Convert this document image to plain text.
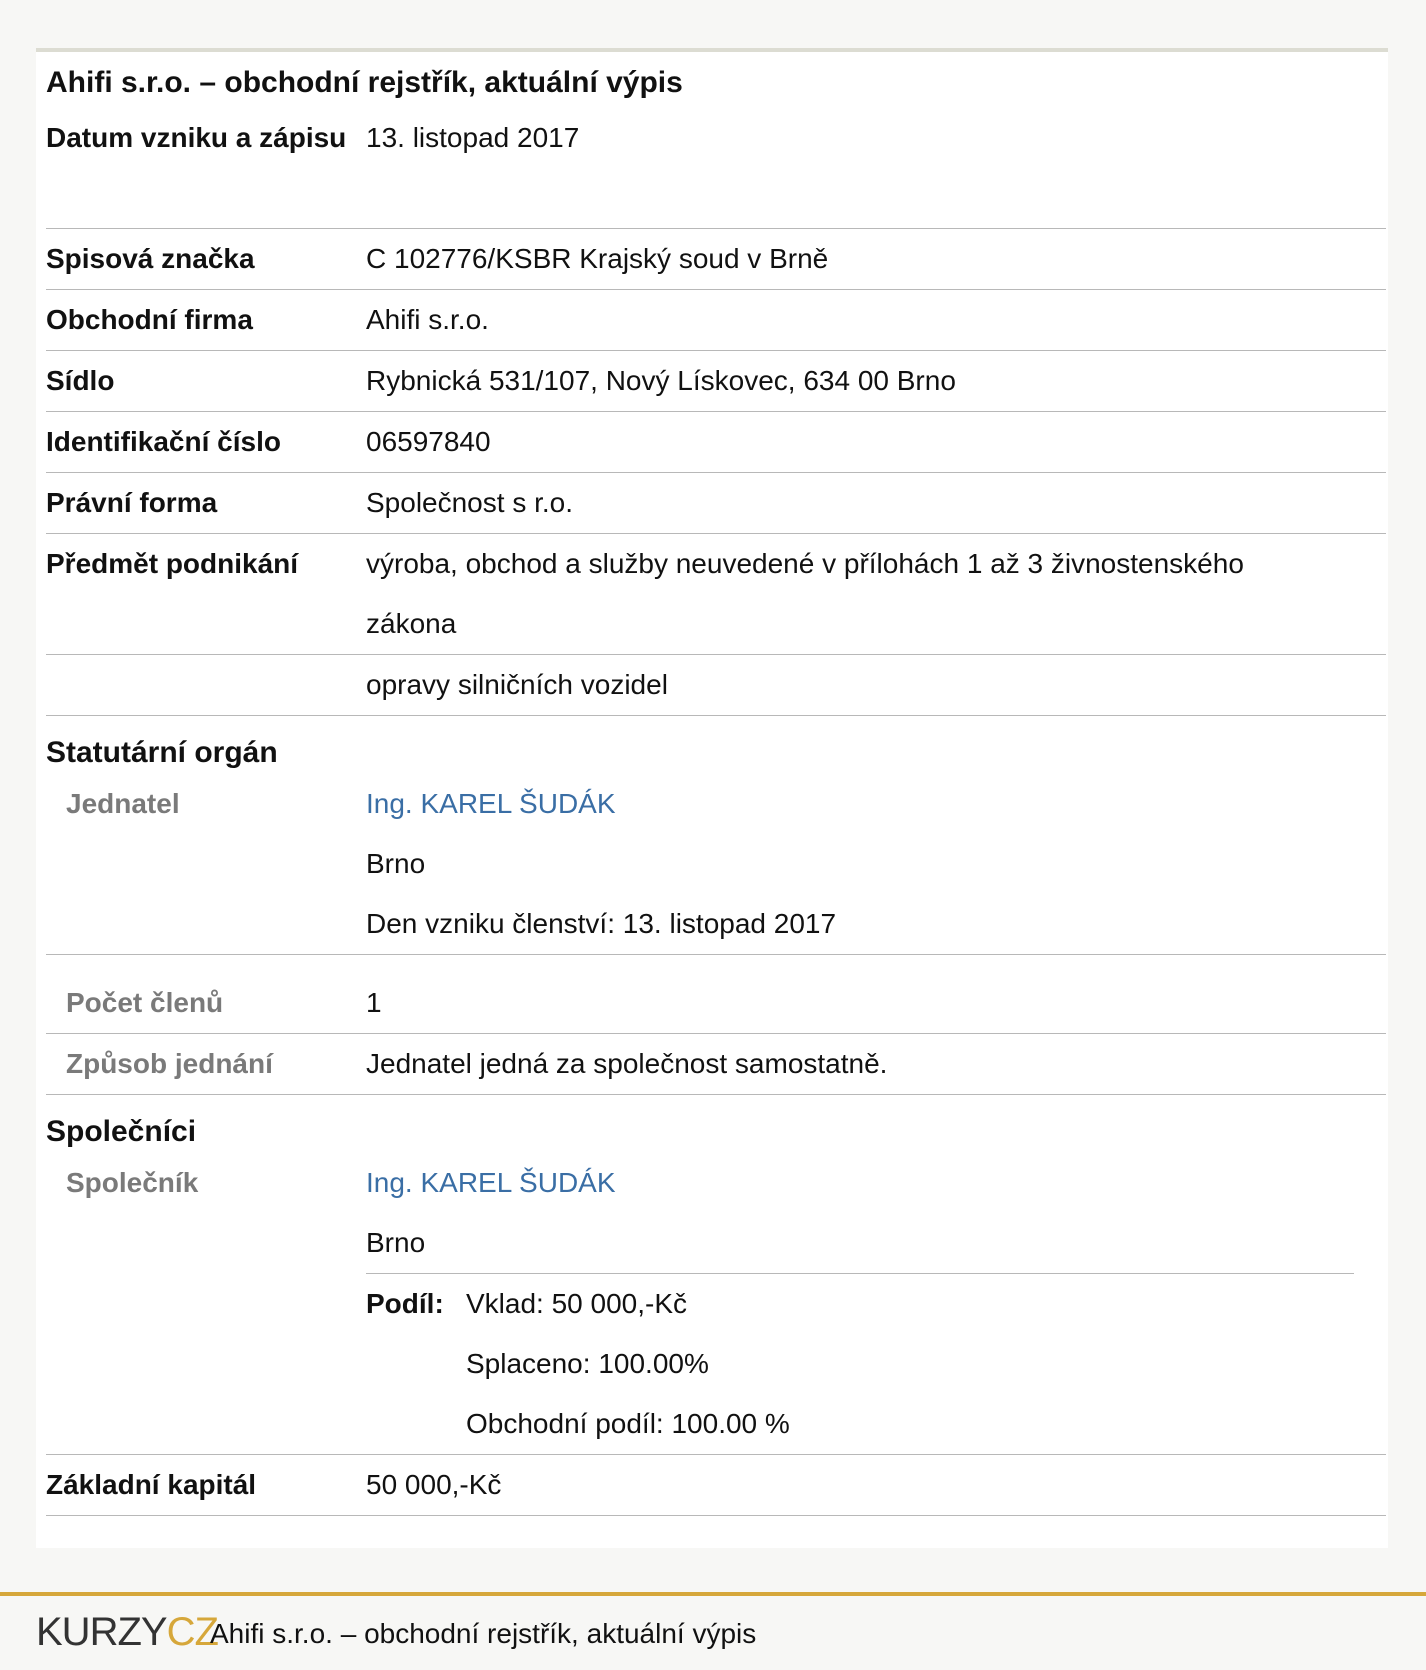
Ahifi s.r.o. – obchodní rejstřík, aktuální výpis
Datum vzniku a zápisu 13. listopad 2017
Spisová značka	C 102776/KSBR Krajský soud v Brně
Obchodní firma	Ahifi s.r.o.
Sídlo	Rybnická 531/107, Nový Lískovec, 634 00 Brno
Identifikační číslo	06597840
Právní forma	Společnost s r.o.
Předmět podnikání	výroba, obchod a služby neuvedené v přílohách 1 až 3 živnostenského
zákona
opravy silničních vozidel
Statutární orgán
Jednatel	Ing. KAREL ŠUDÁK
Brno
Den vzniku členství: 13. listopad 2017
Počet členů	1
Způsob jednání	Jednatel jedná za společnost samostatně.
Společníci
Společník	Ing. KAREL ŠUDÁK
Brno
Podíl: Vklad: 50 000,-Kč
Splaceno: 100.00%
Obchodní podíl: 100.00 %
Základní kapitál	50 000,-Kč
KURZYCZ
Ahifi s.r.o. – obchodní rejstřík, aktuální výpis
